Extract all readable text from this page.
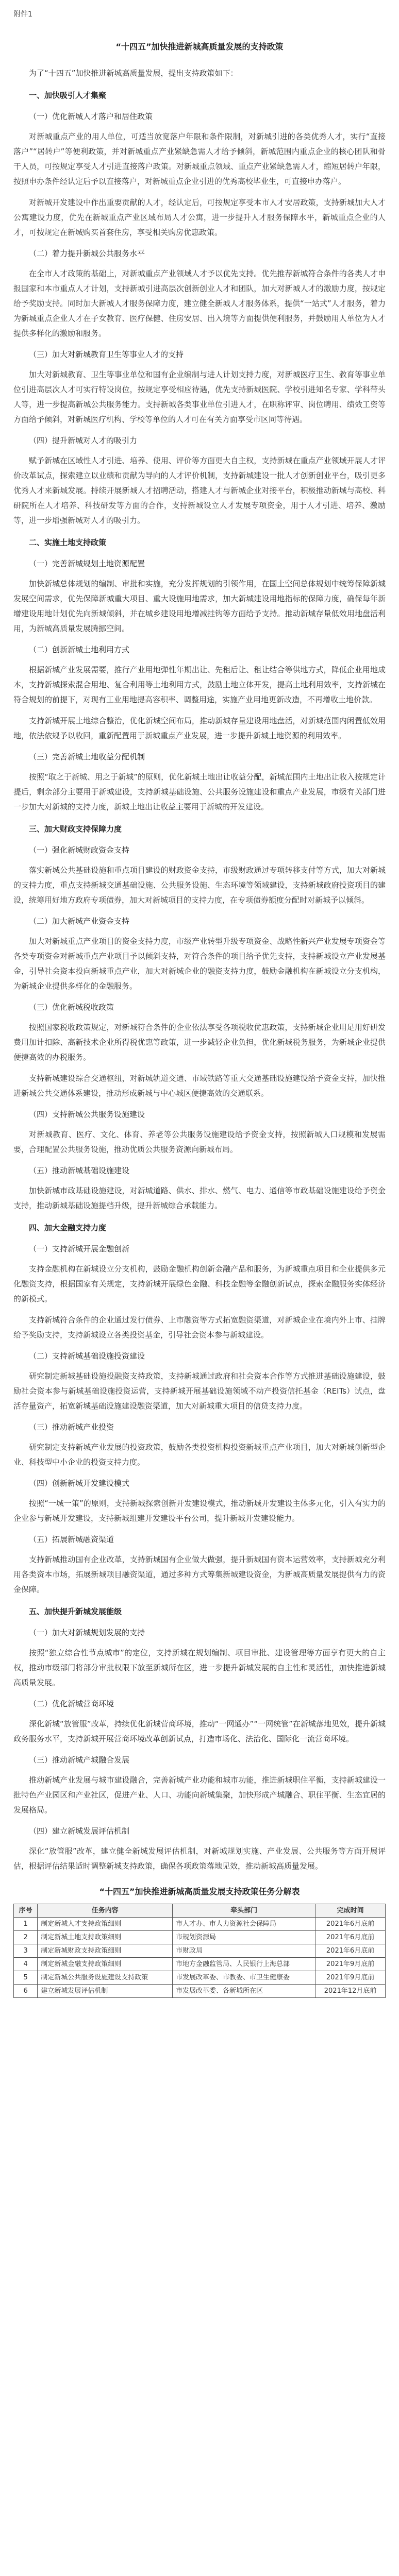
附件1
“十四五”加快推进新城高质量发展的支持政策

为了“十四五”加快推进新城高质量发展，提出支持政策如下：

一、加快吸引人才集聚
（一）优化新城人才落户和居住政策

对新城重点产业的用人单位，可适当放宽落户年限和条件限制，对新城引进的各类优秀人才，实行“直接落户”“居转户”等便利政策，并对新城重点产业紧缺急需人才给予倾斜，新城范围内重点企业的核心团队和骨干人员，可按规定享受人才引进直接落户政策。对新城重点领域、重点产业紧缺急需人才，缩短居转户年限，按照申办条件经认定后予以直接落户，对新城重点企业引进的优秀高校毕业生，可直接申办落户。

对新城开发建设中作出重要贡献的人才，经认定后，可按规定享受本市人才安居政策，支持新城加大人才公寓建设力度，优先在新城重点产业区域布局人才公寓，进一步提升人才服务保障水平，新城重点企业的人才，可按规定在新城购买首套住房，享受相关购房优惠政策。

（二）着力提升新城公共服务水平

在全市人才政策的基础上，对新城重点产业领域人才予以优先支持。优先推荐新城符合条件的各类人才申报国家和本市重点人才计划，支持新城引进高层次创新创业人才和团队，加大对新城人才的激励力度，按规定给予奖励支持。同时加大新城人才服务保障力度，建立健全新城人才服务体系，提供“一站式”人才服务，着力为新城重点企业人才在子女教育、医疗保健、住房安居、出入境等方面提供便利服务，并鼓励用人单位为人才提供多样化的激励和服务。

（三）加大对新城教育卫生等事业人才的支持

加大对新城教育、卫生等事业单位和国有企业编制与进人计划支持力度，对新城医疗卫生、教育等事业单位引进高层次人才可实行特设岗位，按规定享受相应待遇，优先支持新城医院、学校引进知名专家、学科带头人等，进一步提高新城公共服务能力。支持新城各类事业单位引进人才，在职称评审、岗位聘用、绩效工资等方面给予倾斜，对新城医疗机构、学校等单位的人才可在有关方面享受市区同等待遇。

（四）提升新城对人才的吸引力

赋予新城在区域性人才引进、培养、使用、评价等方面更大自主权，支持新城在重点产业领域开展人才评价改革试点，探索建立以业绩和贡献为导向的人才评价机制，支持新城建设一批人才创新创业平台，吸引更多优秀人才来新城发展。持续开展新城人才招聘活动，搭建人才与新城企业对接平台，积极推动新城与高校、科研院所在人才培养、科技研发等方面的合作，支持新城设立人才发展专项资金，用于人才引进、培养、激励等，进一步增强新城对人才的吸引力。

二、实施土地支持政策
（一）完善新城规划土地资源配置

加快新城总体规划的编制、审批和实施，充分发挥规划的引领作用，在国土空间总体规划中统筹保障新城发展空间需求，优先保障新城重大项目、重大设施用地需求，加大新城建设用地指标的保障力度，确保每年新增建设用地计划优先向新城倾斜，并在城乡建设用地增减挂钩等方面给予支持。推动新城存量低效用地盘活利用，为新城高质量发展腾挪空间。

（二）创新新城土地利用方式

根据新城产业发展需要，推行产业用地弹性年期出让、先租后让、租让结合等供地方式，降低企业用地成本，支持新城探索混合用地、复合利用等土地利用方式，鼓励土地立体开发，提高土地利用效率，支持新城在符合规划的前提下，对现有工业用地提高容积率、调整用途，实施产业用地更新改造，不再增收土地价款。

支持新城开展土地综合整治，优化新城空间布局，推动新城存量建设用地盘活，对新城范围内闲置低效用地，依法依规予以收回，重新配置用于新城重点产业发展，进一步提升新城土地资源的利用效率。

（三）完善新城土地收益分配机制

按照“取之于新城、用之于新城”的原则，优化新城土地出让收益分配，新城范围内土地出让收入按规定计提后，剩余部分主要用于新城建设，支持新城基础设施、公共服务设施建设和重点产业发展，市级有关部门进一步加大对新城的支持力度，新城土地出让收益主要用于新城的开发建设。

三、加大财政支持保障力度
（一）强化新城财政资金支持

落实新城公共基础设施和重点项目建设的财政资金支持，市级财政通过专项转移支付等方式，加大对新城的支持力度，重点支持新城交通基础设施、公共服务设施、生态环境等领域建设，支持新城政府投资项目的建设，统筹用好地方政府专项债券，加大对新城项目的支持力度，在专项债券额度分配时对新城予以倾斜。

（二）加大新城产业资金支持

加大对新城重点产业项目的资金支持力度，市级产业转型升级专项资金、战略性新兴产业发展专项资金等各类专项资金对新城重点产业项目予以倾斜支持，对符合条件的项目给予优先支持，支持新城设立产业发展基金，引导社会资本投向新城重点产业，加大对新城企业的融资支持力度，鼓励金融机构在新城设立分支机构，为新城企业提供多样化的金融服务。

（三）优化新城税收政策

按照国家税收政策规定，对新城符合条件的企业依法享受各项税收优惠政策，支持新城企业用足用好研发费用加计扣除、高新技术企业所得税优惠等政策，进一步减轻企业负担，优化新城税务服务，为新城企业提供便捷高效的办税服务。

支持新城建设综合交通枢纽，对新城轨道交通、市域铁路等重大交通基础设施建设给予资金支持，加快推进新城公共交通体系建设，推动形成新城与中心城区便捷高效的交通联系。

（四）支持新城公共服务设施建设

对新城教育、医疗、文化、体育、养老等公共服务设施建设给予资金支持，按照新城人口规模和发展需要，合理配置公共服务设施，推动优质公共服务资源向新城布局。

（五）推动新城基础设施建设

加快新城市政基础设施建设，对新城道路、供水、排水、燃气、电力、通信等市政基础设施建设给予资金支持，推动新城基础设施提档升级，提升新城综合承载能力。

四、加大金融支持力度
（一）支持新城开展金融创新

支持金融机构在新城设立分支机构，鼓励金融机构创新金融产品和服务，为新城重点项目和企业提供多元化融资支持，根据国家有关规定，支持新城开展绿色金融、科技金融等金融创新试点，探索金融服务实体经济的新模式。

支持新城符合条件的企业通过发行债券、上市融资等方式拓宽融资渠道，对新城企业在境内外上市、挂牌给予奖励支持，支持新城设立各类投资基金，引导社会资本参与新城建设。

（二）支持新城基础设施投资建设

研究制定新城基础设施投融资支持政策，支持新城通过政府和社会资本合作等方式推进基础设施建设，鼓励社会资本参与新城基础设施投资运营，支持新城开展基础设施领域不动产投资信托基金（REITs）试点，盘活存量资产，拓宽新城基础设施建设融资渠道，加大对新城重大项目的信贷支持力度。

（三）推动新城产业投资

研究制定支持新城产业发展的投资政策，鼓励各类投资机构投资新城重点产业项目，加大对新城创新型企业、科技型中小企业的投资支持力度。

（四）创新新城开发建设模式

按照“一城一策”的原则，支持新城探索创新开发建设模式，推动新城开发建设主体多元化，引入有实力的企业参与新城开发建设，支持新城组建开发建设平台公司，提升新城开发建设能力。

（五）拓展新城融资渠道

支持新城推动国有企业改革，支持新城国有企业做大做强，提升新城国有资本运营效率，支持新城充分利用各类资本市场，拓展新城项目融资渠道，通过多种方式筹集新城建设资金，为新城高质量发展提供有力的资金保障。

五、加快提升新城发展能级
（一）加大对新城规划发展的支持

按照“独立综合性节点城市”的定位，支持新城在规划编制、项目审批、建设管理等方面享有更大的自主权，推动市级部门将部分审批权限下放至新城所在区，进一步提升新城发展的自主性和灵活性，加快推进新城高质量发展。

（二）优化新城营商环境

深化新城“放管服”改革，持续优化新城营商环境，推动“一网通办”“一网统管”在新城落地见效，提升新城政务服务水平，支持新城开展营商环境改革创新试点，打造市场化、法治化、国际化一流营商环境。

（三）推动新城产城融合发展

推动新城产业发展与城市建设融合，完善新城产业功能和城市功能，推进新城职住平衡，支持新城建设一批特色产业园区和产业社区，促进产业、人口、功能向新城集聚，加快形成产城融合、职住平衡、生态宜居的发展格局。

（四）建立新城发展评估机制

深化“放管服”改革，建立健全新城发展评估机制，对新城规划实施、产业发展、公共服务等方面开展评估，根据评估结果适时调整新城支持政策，确保各项政策落地见效，推动新城高质量发展。

“十四五”加快推进新城高质量发展支持政策任务分解表
序号	任务内容	牵头部门	完成时间
1	制定新城人才支持政策细则	市人才办、市人力资源社会保障局	2021年6月底前
2	制定新城土地支持政策细则	市规划资源局	2021年6月底前
3	制定新城财政支持政策细则	市财政局	2021年6月底前
4	制定新城金融支持政策细则	市地方金融监管局、人民银行上海总部	2021年9月底前
5	制定新城公共服务设施建设支持政策	市发展改革委、市教委、市卫生健康委	2021年9月底前
6	建立新城发展评估机制	市发展改革委、各新城所在区	2021年12月底前
